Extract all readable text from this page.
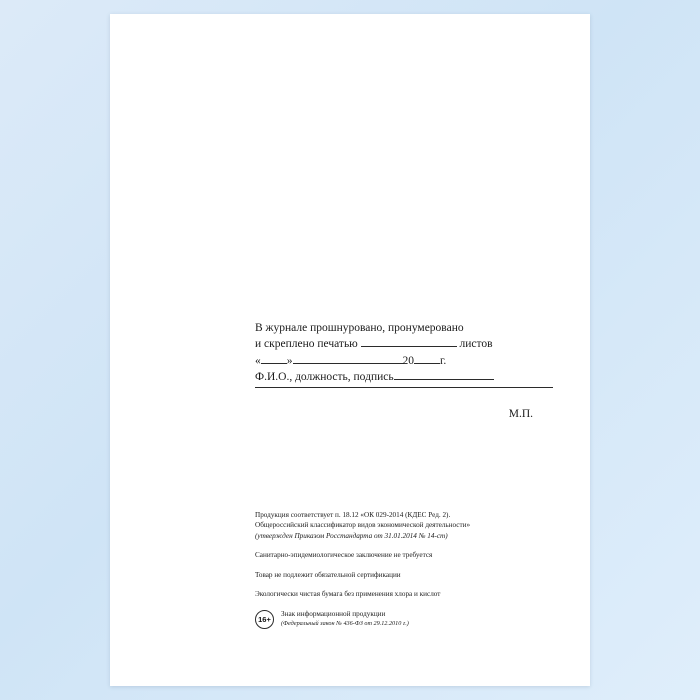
В журнале прошнуровано, пронумеровано
и скреплено печатью	листов
« »	20 г.
Ф.И.О., должность, подпись
М.П.
Продукция соответствует п. 18.12 «ОК 029-2014 (КДЕС Ред. 2).
Общероссийский классификатор видов экономической деятельности»
(утвержден Приказом Росстандарта от 31.01.2014 № 14-ст)
Санитарно-эпидемиологическое заключение не требуется
Товар не подлежит обязательной сертификации
Экологически чистая бумага без применения хлора и кислот
16+
Знак информационной продукции
(Федеральный закон № 436-ФЗ от 29.12.2010 г.)
